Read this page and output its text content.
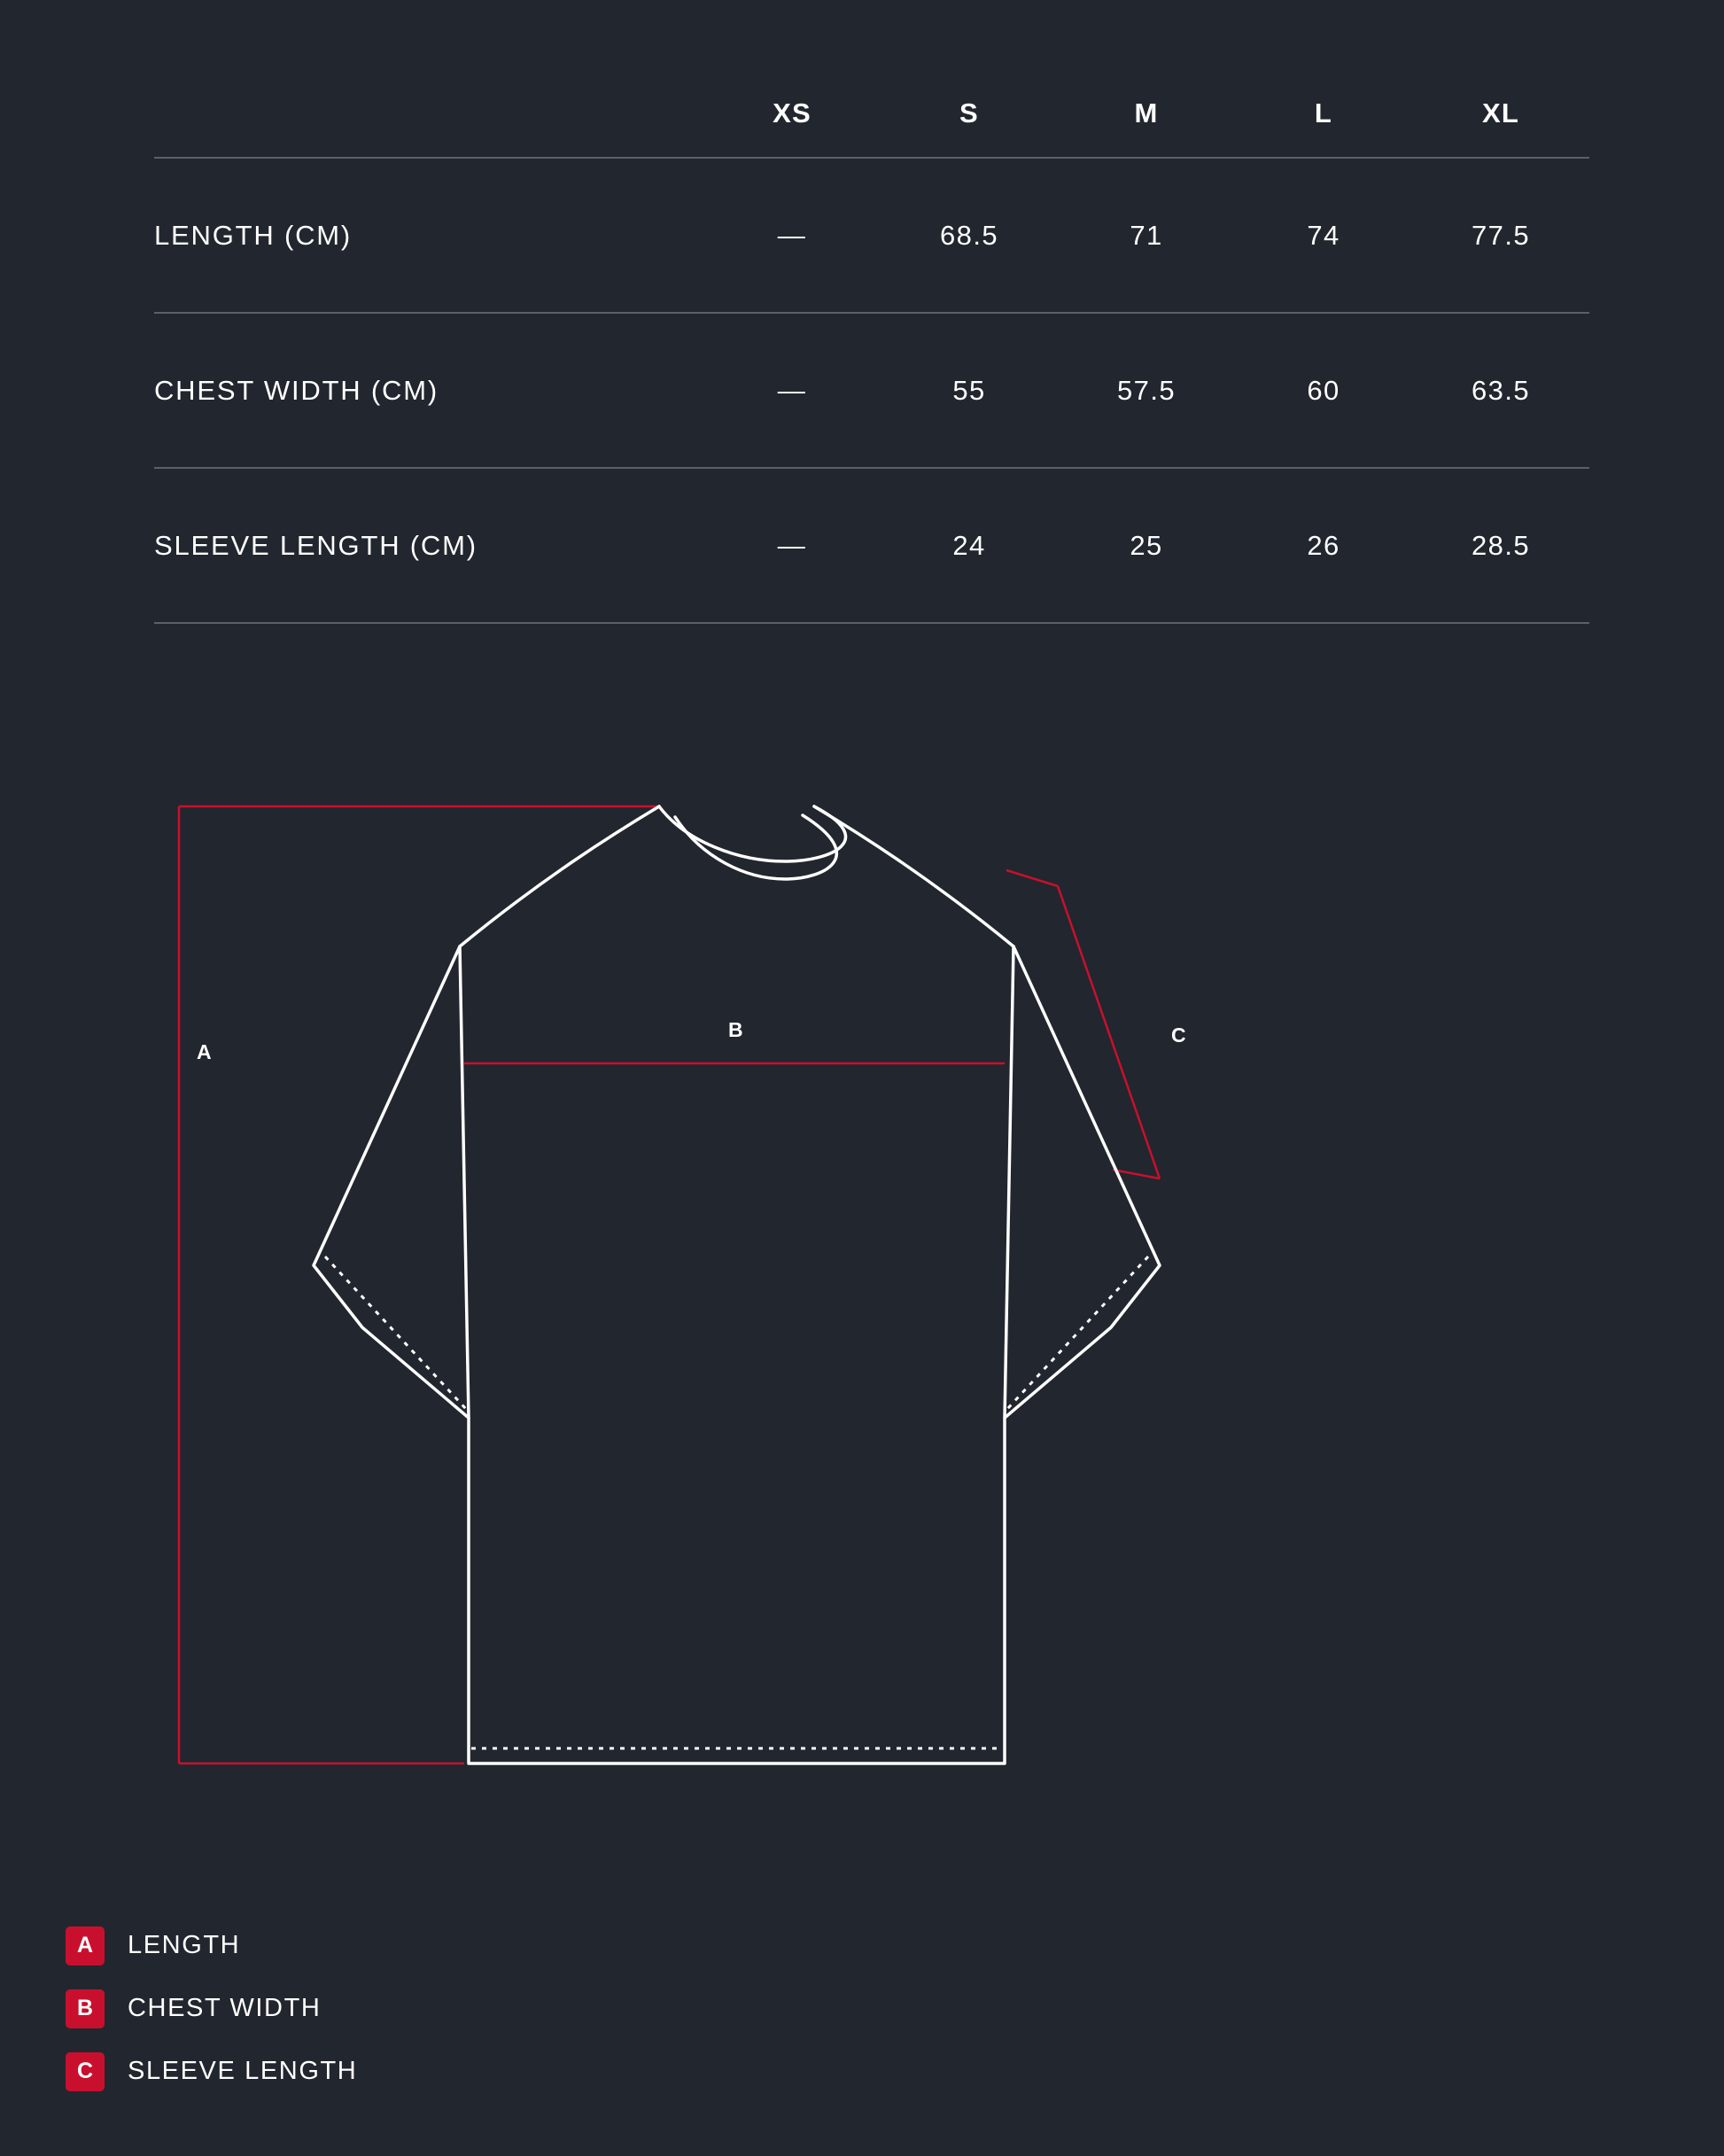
	XS	S	M	L	XL
LENGTH (CM)	—	68.5	71	74	77.5
CHEST WIDTH (CM)	—	55	57.5	60	63.5
SLEEVE LENGTH (CM)	—	24	25	26	28.5
A
B	C
A	LENGTH
B	CHEST WIDTH
C	SLEEVE LENGTH
